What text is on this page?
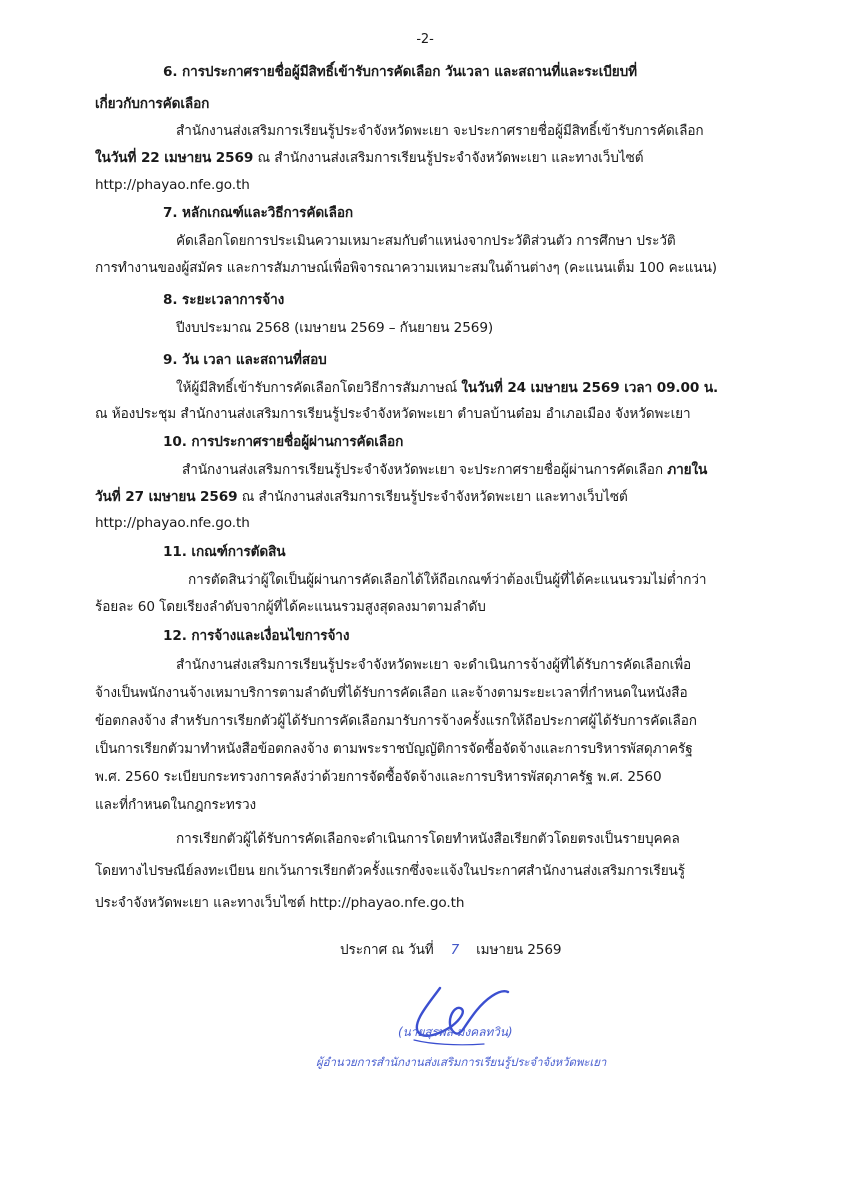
-2-
6. การประกาศรายชื่อผู้มีสิทธิ์เข้ารับการคัดเลือก วันเวลา และสถานที่และระเบียบที่
เกี่ยวกับการคัดเลือก
สำนักงานส่งเสริมการเรียนรู้ประจำจังหวัดพะเยา จะประกาศรายชื่อผู้มีสิทธิ์เข้ารับการคัดเลือก
ในวันที่ 22 เมษายน 2569 ณ สำนักงานส่งเสริมการเรียนรู้ประจำจังหวัดพะเยา และทางเว็บไซต์
http://phayao.nfe.go.th
7. หลักเกณฑ์และวิธีการคัดเลือก
คัดเลือกโดยการประเมินความเหมาะสมกับตำแหน่งจากประวัติส่วนตัว การศึกษา ประวัติ
การทำงานของผู้สมัคร และการสัมภาษณ์เพื่อพิจารณาความเหมาะสมในด้านต่างๆ (คะแนนเต็ม 100 คะแนน)
8. ระยะเวลาการจ้าง
ปีงบประมาณ 2568 (เมษายน 2569 – กันยายน 2569)
9. วัน เวลา และสถานที่สอบ
ให้ผู้มีสิทธิ์เข้ารับการคัดเลือกโดยวิธีการสัมภาษณ์ ในวันที่ 24 เมษายน 2569 เวลา 09.00 น.
ณ ห้องประชุม สำนักงานส่งเสริมการเรียนรู้ประจำจังหวัดพะเยา ตำบลบ้านต๋อม อำเภอเมือง จังหวัดพะเยา
10. การประกาศรายชื่อผู้ผ่านการคัดเลือก
สำนักงานส่งเสริมการเรียนรู้ประจำจังหวัดพะเยา จะประกาศรายชื่อผู้ผ่านการคัดเลือก ภายใน
วันที่ 27 เมษายน 2569 ณ สำนักงานส่งเสริมการเรียนรู้ประจำจังหวัดพะเยา และทางเว็บไซต์
http://phayao.nfe.go.th
11. เกณฑ์การตัดสิน
การตัดสินว่าผู้ใดเป็นผู้ผ่านการคัดเลือกได้ให้ถือเกณฑ์ว่าต้องเป็นผู้ที่ได้คะแนนรวมไม่ต่ำกว่า
ร้อยละ 60 โดยเรียงลำดับจากผู้ที่ได้คะแนนรวมสูงสุดลงมาตามลำดับ
12. การจ้างและเงื่อนไขการจ้าง
สำนักงานส่งเสริมการเรียนรู้ประจำจังหวัดพะเยา จะดำเนินการจ้างผู้ที่ได้รับการคัดเลือกเพื่อ
จ้างเป็นพนักงานจ้างเหมาบริการตามลำดับที่ได้รับการคัดเลือก และจ้างตามระยะเวลาที่กำหนดในหนังสือ
ข้อตกลงจ้าง สำหรับการเรียกตัวผู้ได้รับการคัดเลือกมารับการจ้างครั้งแรกให้ถือประกาศผู้ได้รับการคัดเลือก
เป็นการเรียกตัวมาทำหนังสือข้อตกลงจ้าง ตามพระราชบัญญัติการจัดซื้อจัดจ้างและการบริหารพัสดุภาครัฐ
พ.ศ. 2560 ระเบียบกระทรวงการคลังว่าด้วยการจัดซื้อจัดจ้างและการบริหารพัสดุภาครัฐ พ.ศ. 2560
และที่กำหนดในกฎกระทรวง
การเรียกตัวผู้ได้รับการคัดเลือกจะดำเนินการโดยทำหนังสือเรียกตัวโดยตรงเป็นรายบุคคล
โดยทางไปรษณีย์ลงทะเบียน ยกเว้นการเรียกตัวครั้งแรกซึ่งจะแจ้งในประกาศสำนักงานส่งเสริมการเรียนรู้
ประจำจังหวัดพะเยา และทางเว็บไซต์ http://phayao.nfe.go.th
ประกาศ ณ วันที่ 7 เมษายน 2569
(นายสุรพล มงคลทวิน)
ผู้อำนวยการสำนักงานส่งเสริมการเรียนรู้ประจำจังหวัดพะเยา
